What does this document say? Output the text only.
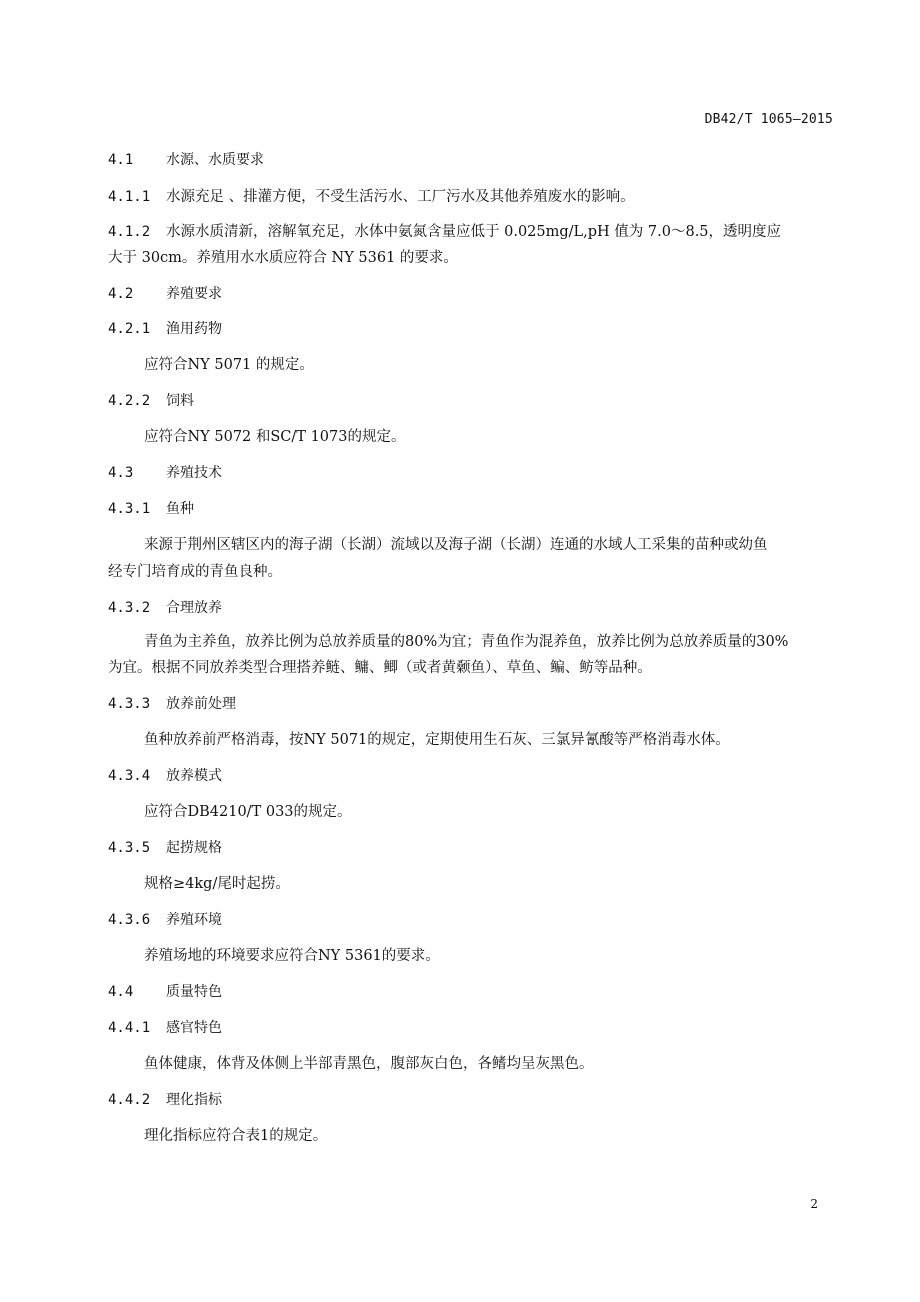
DB42/T 1065—2015
4.1 水源、水质要求
4.1.1 水源充足 、排灌方便，不受生活污水、工厂污水及其他养殖废水的影响。
4.1.2 水源水质清新，溶解氧充足，水体中氨氮含量应低于 0.025mg/L,pH 值为 7.0～8.5，透明度应
大于 30cm。养殖用水水质应符合 NY 5361 的要求。
4.2 养殖要求
4.2.1 渔用药物
应符合NY 5071 的规定。
4.2.2 饲料
应符合NY 5072 和SC/T 1073的规定。
4.3 养殖技术
4.3.1 鱼种
来源于荆州区辖区内的海子湖（长湖）流域以及海子湖（长湖）连通的水域人工采集的苗种或幼鱼
经专门培育成的青鱼良种。
4.3.2 合理放养
青鱼为主养鱼，放养比例为总放养质量的80%为宜；青鱼作为混养鱼，放养比例为总放养质量的30%
为宜。根据不同放养类型合理搭养鲢、鳙、鲫（或者黄颡鱼）、草鱼、鳊、鲂等品种。
4.3.3 放养前处理
鱼种放养前严格消毒，按NY 5071的规定，定期使用生石灰、三氯异氰酸等严格消毒水体。
4.3.4 放养模式
应符合DB4210/T 033的规定。
4.3.5 起捞规格
规格≥4kg/尾时起捞。
4.3.6 养殖环境
养殖场地的环境要求应符合NY 5361的要求。
4.4 质量特色
4.4.1 感官特色
鱼体健康，体背及体侧上半部青黑色，腹部灰白色，各鳍均呈灰黑色。
4.4.2 理化指标
理化指标应符合表1的规定。
2
